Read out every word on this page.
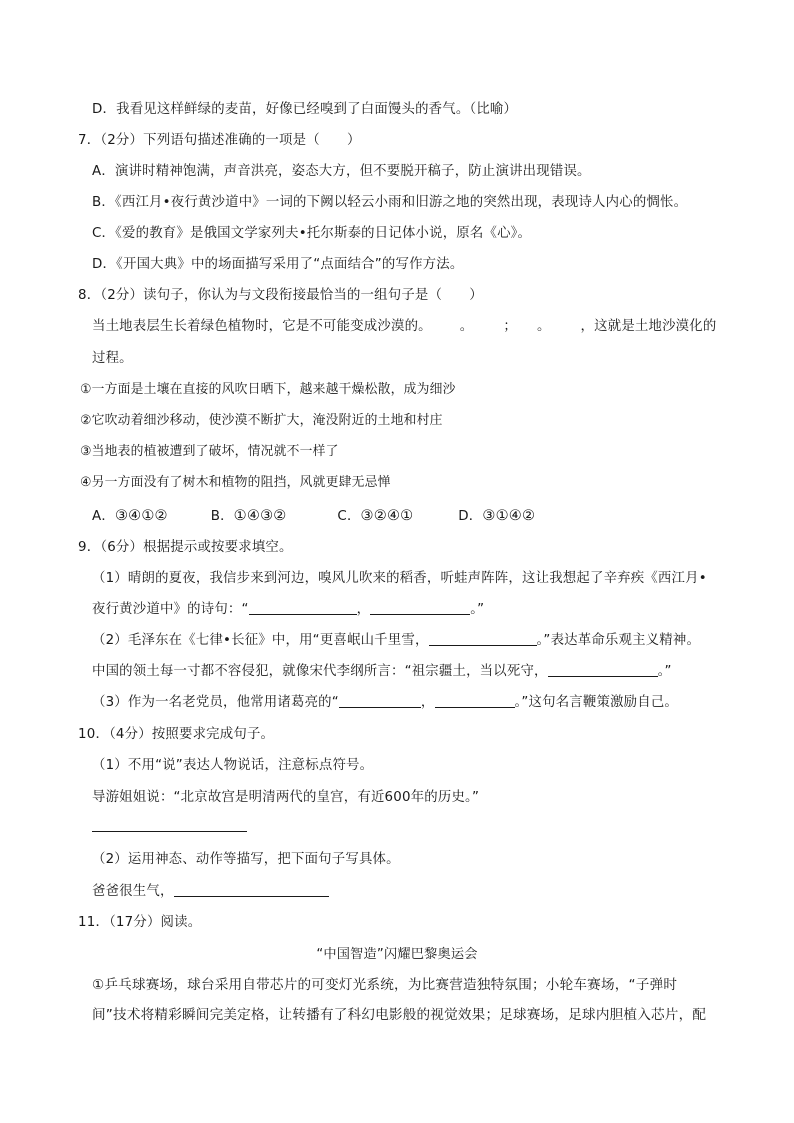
D．我看见这样鲜绿的麦苗，好像已经嗅到了白面馒头的香气。（比喻）
7．（2分）下列语句描述准确的一项是（　　）
A．演讲时精神饱满，声音洪亮，姿态大方，但不要脱开稿子，防止演讲出现错误。
B．《西江月•夜行黄沙道中》一词的下阙以轻云小雨和旧游之地的突然出现，表现诗人内心的惆怅。
C．《爱的教育》是俄国文学家列夫•托尔斯泰的日记体小说，原名《心》。
D．《开国大典》中的场面描写采用了“点面结合”的写作方法。
8．（2分）读句子，你认为与文段衔接最恰当的一组句子是（　　）
当土地表层生长着绿色植物时，它是不可能变成沙漠的。 。 ； 。 ，这就是土地沙漠化的
过程。
①一方面是土壤在直接的风吹日晒下，越来越干燥松散，成为细沙
②它吹动着细沙移动，使沙漠不断扩大，淹没附近的土地和村庄
③当地表的植被遭到了破坏，情况就不一样了
④另一方面没有了树木和植物的阻挡，风就更肆无忌惮
A．③④①②	B．①④③②	C．③②④①	D．③①④②
9．（6分）根据提示或按要求填空。
（1）晴朗的夏夜，我信步来到河边，嗅风儿吹来的稻香，听蛙声阵阵，这让我想起了辛弃疾《西江月•
夜行黄沙道中》的诗句：“	，	。”
（2）毛泽东在《七律•长征》中，用“更喜岷山千里雪，	。”表达革命乐观主义精神。
中国的领土每一寸都不容侵犯，就像宋代李纲所言：“祖宗疆土，当以死守，	。”
（3）作为一名老党员，他常用诸葛亮的“	，	。”这句名言鞭策激励自己。
10．（4分）按照要求完成句子。
（1）不用“说”表达人物说话，注意标点符号。
导游姐姐说：“北京故宫是明清两代的皇宫，有近600年的历史。”
（2）运用神态、动作等描写，把下面句子写具体。
爸爸很生气，
11．（17分）阅读。
“中国智造”闪耀巴黎奥运会
①乒乓球赛场，球台采用自带芯片的可变灯光系统，为比赛营造独特氛围；小轮车赛场，“子弹时
间”技术将精彩瞬间完美定格，让转播有了科幻电影般的视觉效果；足球赛场，足球内胆植入芯片，配
